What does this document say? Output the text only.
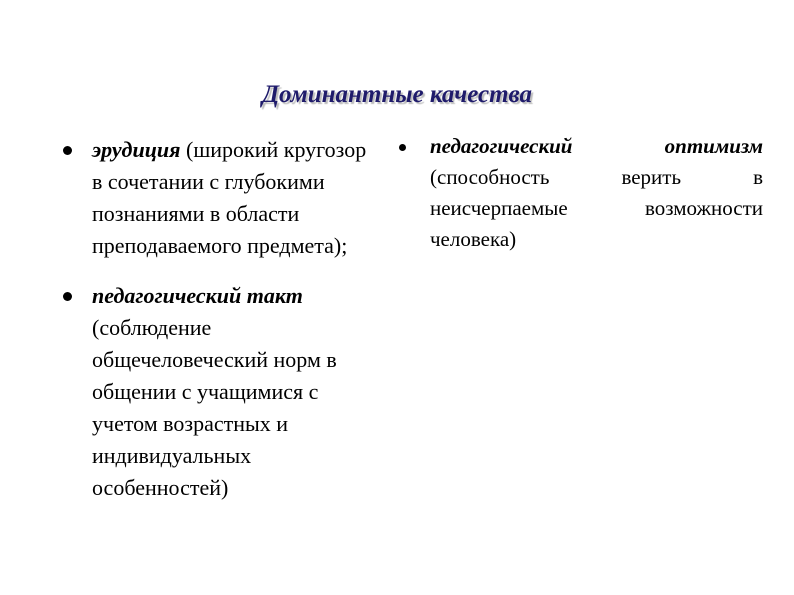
Доминантные качества
эрудиция (широкий кругозор в сочетании с глубокими познаниями в области преподаваемого предмета);
педагогический такт (соблюдение общечеловеческий норм в общении с учащимися с учетом возрастных и индивидуальных особенностей)
педагогический оптимизм (способность верить в неисчерпаемые возможности человека)
